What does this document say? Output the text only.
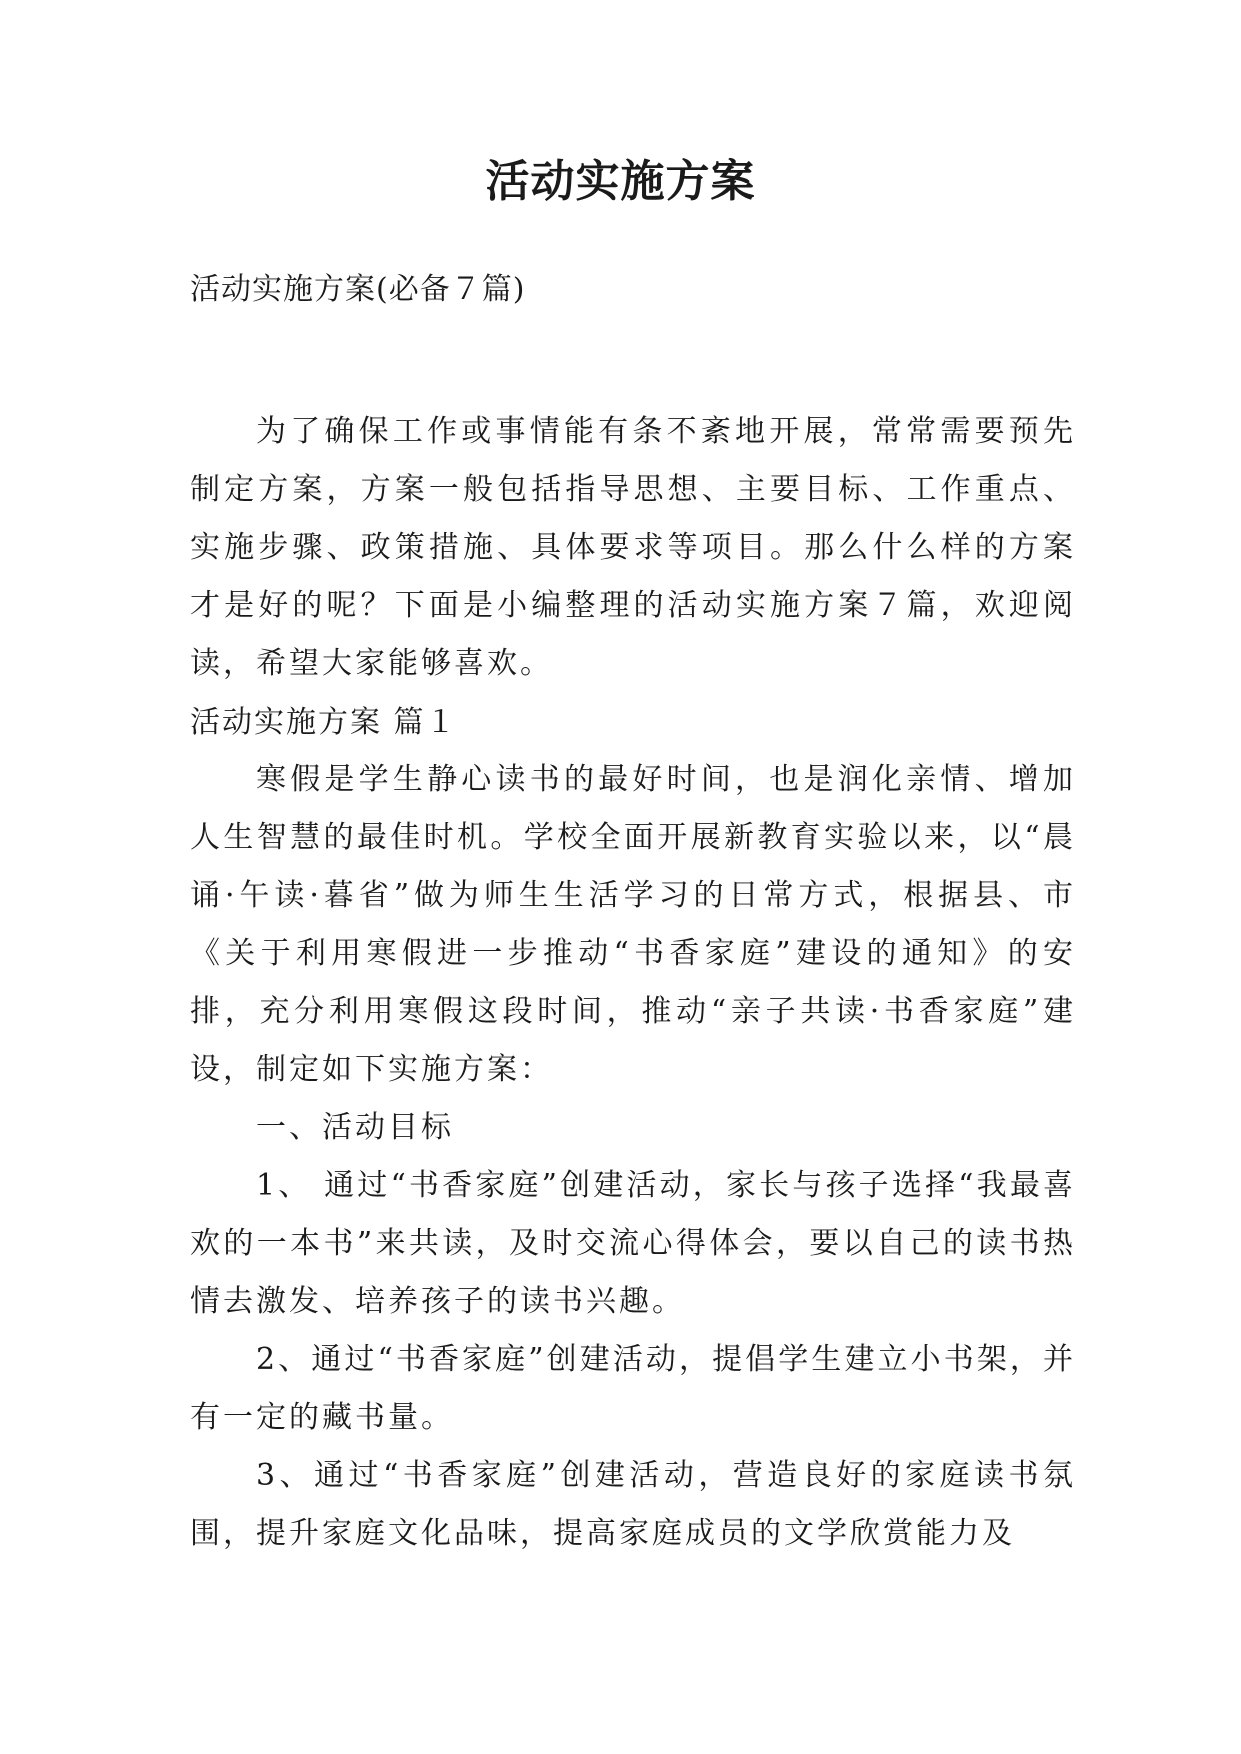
活动实施方案

活动实施方案(必备７篇)

为了确保工作或事情能有条不紊地开展，常常需要预先制定方案，方案一般包括指导思想、主要目标、工作重点、实施步骤、政策措施、具体要求等项目。那么什么样的方案才是好的呢？下面是小编整理的活动实施方案７篇，欢迎阅读，希望大家能够喜欢。

活动实施方案 篇１

寒假是学生静心读书的最好时间，也是润化亲情、增加人生智慧的最佳时机。学校全面开展新教育实验以来，以“晨诵·午读·暮省”做为师生生活学习的日常方式，根据县、市《关于利用寒假进一步推动“书香家庭”建设的通知》的安排，充分利用寒假这段时间，推动“亲子共读·书香家庭”建设，制定如下实施方案：

一、活动目标

1、 通过“书香家庭”创建活动，家长与孩子选择“我最喜欢的一本书”来共读，及时交流心得体会，要以自己的读书热情去激发、培养孩子的读书兴趣。

2、通过“书香家庭”创建活动，提倡学生建立小书架，并有一定的藏书量。

3、通过“书香家庭”创建活动，营造良好的家庭读书氛围，提升家庭文化品味，提高家庭成员的文学欣赏能力及
